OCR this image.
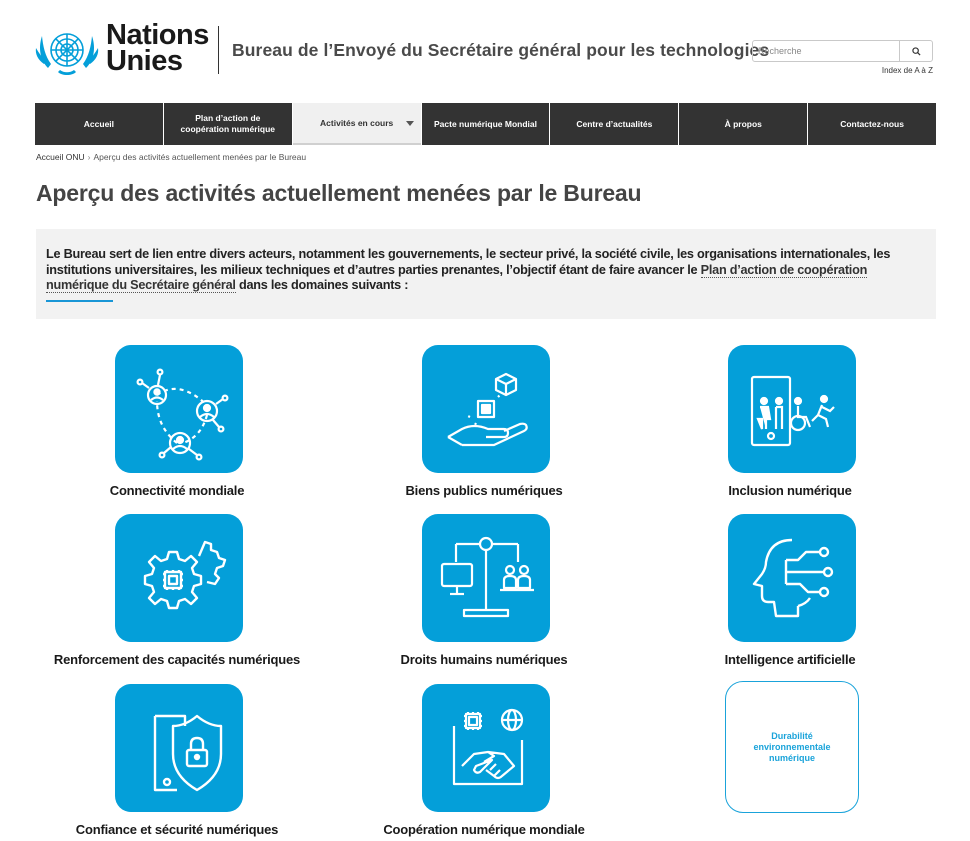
Nations
Unies	Bureau de l’Envoyé du Secrétaire général pour les technologies
Recherche
Index de A à Z
Accueil
Plan d’action de coopération numérique
Activités en cours	Pacte numérique Mondial	Centre d’actualités	À propos	Contactez-nous
Accueil ONU › Aperçu des activités actuellement menées par le Bureau
Aperçu des activités actuellement menées par le Bureau

Le Bureau sert de lien entre divers acteurs, notamment les gouvernements, le secteur privé, la société civile, les organisations internationales, les institutions universitaires, les milieux techniques et d’autres parties prenantes, l’objectif étant de faire avancer le Plan d’action de coopération numérique du Secrétaire général dans les domaines suivants :

Connectivité mondiale	Biens publics numériques	Inclusion numérique
Renforcement des capacités numériques	Droits humains numériques	Intelligence artificielle
Confiance et sécurité numériques	Coopération numérique mondiale
Durabilité environnementale numérique
